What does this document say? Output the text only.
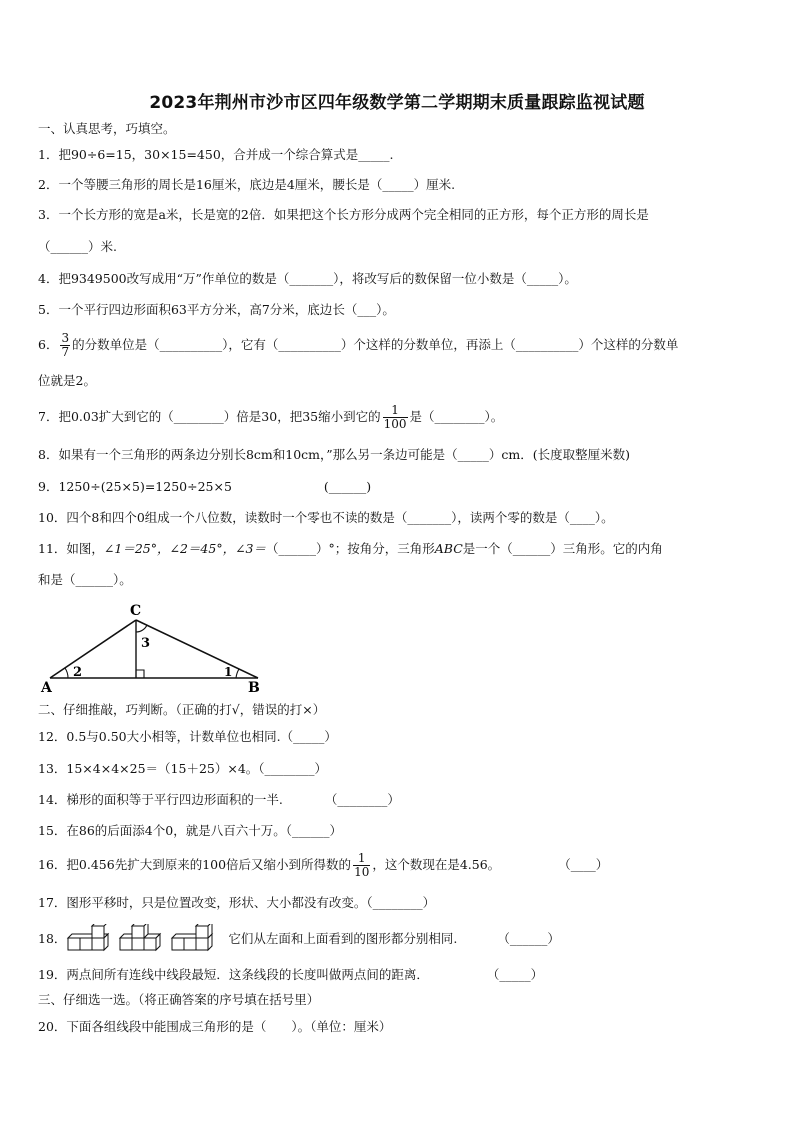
2023年荆州市沙市区四年级数学第二学期期末质量跟踪监视试题
一、认真思考，巧填空。
1．把90÷6=15，30×15=450，合并成一个综合算式是_____.
2．一个等腰三角形的周长是16厘米，底边是4厘米，腰长是（_____）厘米.
3．一个长方形的宽是a米，长是宽的2倍．如果把这个长方形分成两个完全相同的正方形，每个正方形的周长是
（______）米.
4．把9349500改写成用“万”作单位的数是（_______），将改写后的数保留一位小数是（_____）。
5．一个平行四边形面积63平方分米，高7分米，底边长（___）。
6． $\frac{3}{7}$ 的分数单位是（__________），它有（__________）个这样的分数单位，再添上（__________）个这样的分数单
位就是2。
7．把0.03扩大到它的（________）倍是30，把35缩小到它的 $\frac{1}{100}$ 是（________）。
8．如果有一个三角形的两条边分别长8cm和10cm，”那么另一条边可能是（_____）cm．(长度取整厘米数)
9．1250÷(25×5)=1250÷25×5	(______)
10．四个8和四个0组成一个八位数，读数时一个零也不读的数是（_______），读两个零的数是（____）。
11．如图，∠1＝25°，∠2＝45°，∠3＝（______）°；按角分，三角形ABC是一个（______）三角形。它的内角
和是（______）。
C
A	B
2
3
1
二、仔细推敲，巧判断。（正确的打√，错误的打×）
12．0.5与0.50大小相等，计数单位也相同.（_____）
13．15×4×4×25＝（15＋25）×4。（________）
14．梯形的面积等于平行四边形面积的一半.	（________）
15．在86的后面添4个0，就是八百六十万。（______）
16．把0.456先扩大到原来的100倍后又缩小到所得数的 $\frac{1}{10}$ ，这个数现在是4.56。	（____）
17．图形平移时，只是位置改变，形状、大小都没有改变。（________）
18．	它们从左面和上面看到的图形都分别相同.	（______）
19．两点间所有连线中线段最短．这条线段的长度叫做两点间的距离．	（_____）
三、仔细选一选。（将正确答案的序号填在括号里）
20．下面各组线段中能围成三角形的是（　　）。（单位：厘米）
